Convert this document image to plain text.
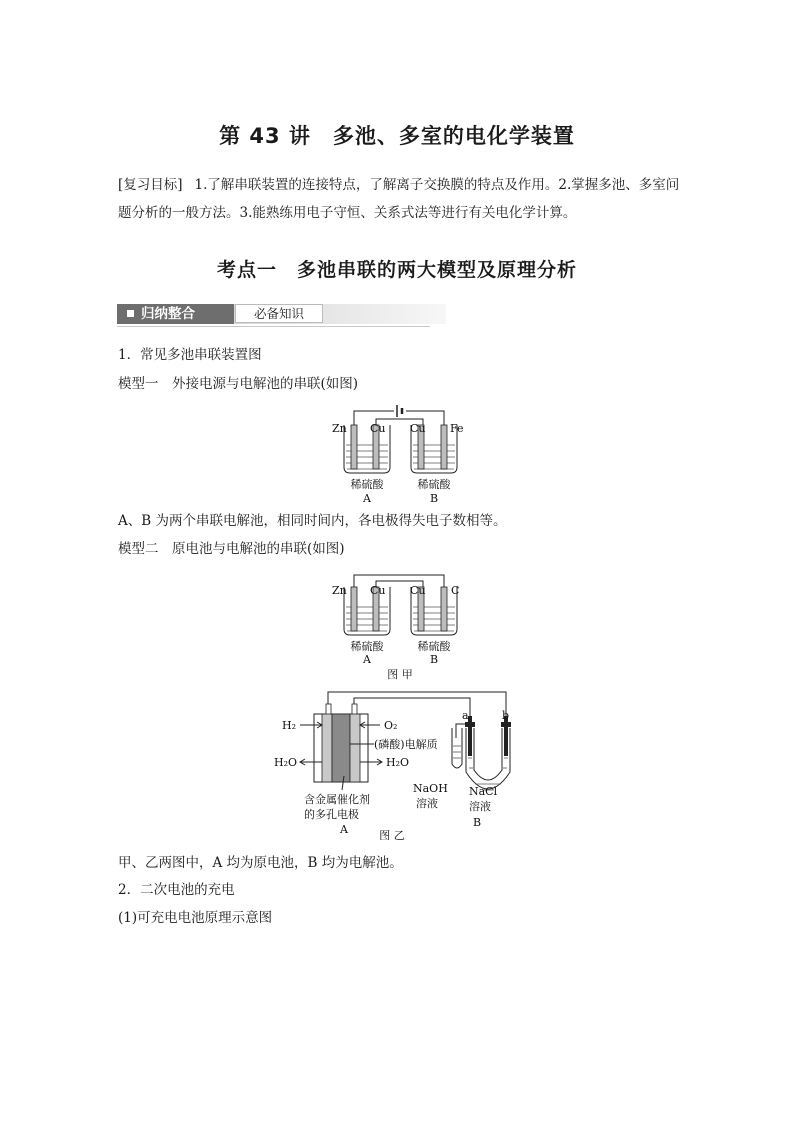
第 43 讲　多池、多室的电化学装置
[复习目标] 1.了解串联装置的连接特点，了解离子交换膜的特点及作用。2.掌握多池、多室问题分析的一般方法。3.能熟练用电子守恒、关系式法等进行有关电化学计算。
考点一　多池串联的两大模型及原理分析
归纳整合	必备知识
1．常见多池串联装置图
模型一　外接电源与电解池的串联(如图)
Zn Cu Cu Fe
稀硫酸	稀硫酸
A	B
A、B 为两个串联电解池，相同时间内，各电极得失电子数相等。
模型二　原电池与电解池的串联(如图)
Zn Cu Cu C
稀硫酸	稀硫酸
A	B
图 甲
H₂
H₂O
O₂
(磷酸)电解质
H₂O
含金属催化剂
的多孔电极
A
a	b
NaOH
溶液
NaCl
溶液
B
图 乙
甲、乙两图中，A 均为原电池，B 均为电解池。
2．二次电池的充电
(1)可充电电池原理示意图
